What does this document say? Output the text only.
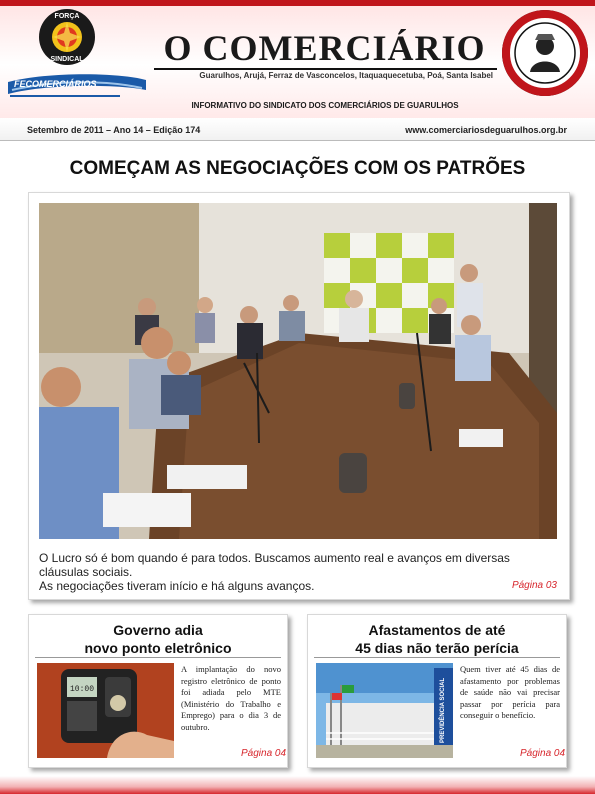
FORÇA
SINDICAL
FECOMERCIÁRIOS
O COMERCIÁRIO
Guarulhos, Arujá, Ferraz de Vasconcelos, Itaquaquecetuba, Poá, Santa Isabel
INFORMATIVO DO SINDICATO DOS COMERCIÁRIOS DE GUARULHOS
Setembro de 2011 – Ano 14 – Edição 174	www.comerciariosdeguarulhos.org.br
COMEÇAM AS NEGOCIAÇÕES COM OS PATRÕES
O Lucro só é bom quando é para todos. Buscamos aumento real e avanços em diversas cláusulas sociais.
As negociações tiveram início e há alguns avanços.	Página 03
Governo adia
novo ponto eletrônico
10:00
A implantação do novo registro eletrônico de ponto foi adiada pelo MTE (Ministério do Trabalho e Emprego) para o dia 3 de outubro.
Página 04
Afastamentos de até
45 dias não terão perícia
PREVIDÊNCIA SOCIAL
Quem tiver até 45 dias de afastamento por problemas de saúde não vai precisar passar por perícia para conseguir o benefício.
Página 04
